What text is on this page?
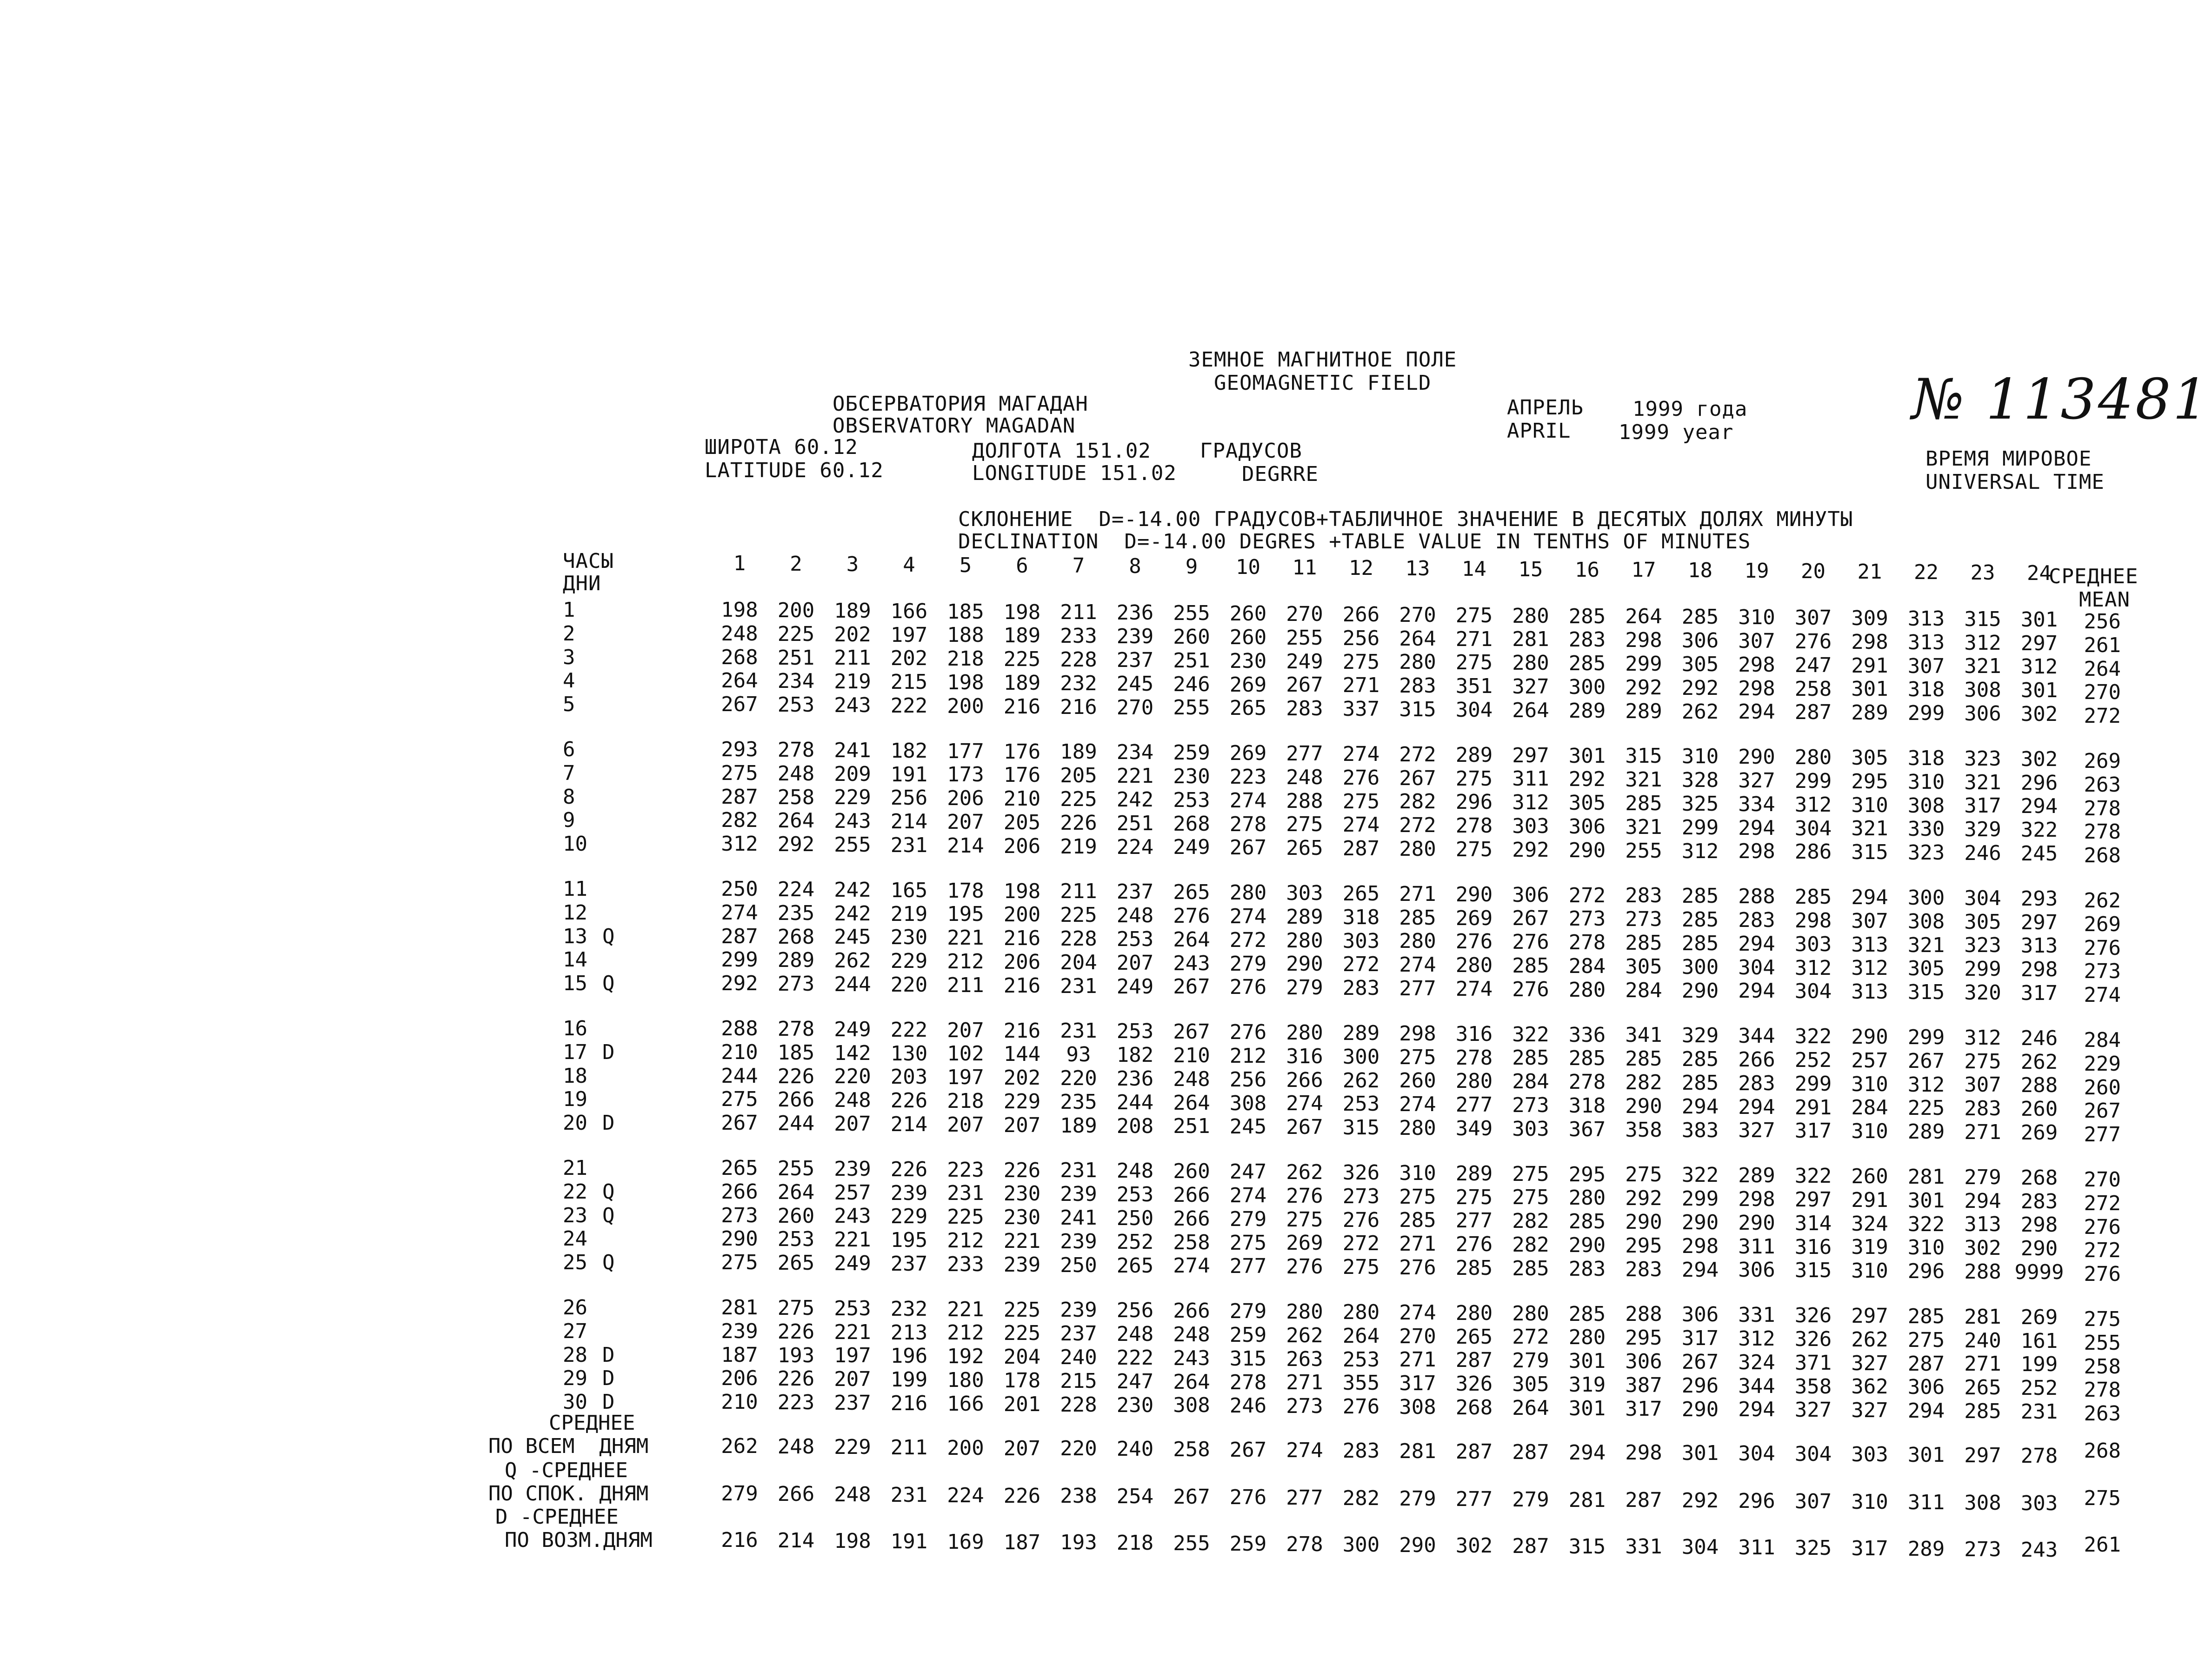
ЗЕМНОЕ МАГНИТНОЕ ПОЛЕ
GEOMAGNETIC FIELD
ОБСЕРВАТОРИЯ МАГАДАН
OBSERVATORY MAGADAN
ШИРОТА 60.12
LATITUDE 60.12
ДОЛГОТА 151.02 ГРАДУСОВ
LONGITUDE 151.02	DEGRRE
АПРЕЛЬ 1999 года
APRIL 1999 year
№ 113481
ВРЕМЯ МИРОВОЕ
UNIVERSAL TIME
СКЛОНЕНИЕ  D=-14.00 ГРАДУСОВ+ТАБЛИЧНОЕ ЗНАЧЕНИЕ В ДЕСЯТЫХ ДОЛЯХ МИНУТЫ
DECLINATION  D=-14.00 DEGRES +TABLE VALUE IN TENTHS OF MINUTES
ЧАСЫ
ДНИ	СРЕДНЕЕ
MEAN
1 2 3 4 5 6 7 8 9 10 11 12 13 14 15 16 17 18 19 20 21 22 23 24
1	198 200 189 166 185 198 211 236 255 260 270 266 270 275 280 285 264 285 310 307 309 313 315 301 256
2	248 225 202 197 188 189 233 239 260 260 255 256 264 271 281 283 298 306 307 276 298 313 312 297 261
3	268 251 211 202 218 225 228 237 251 230 249 275 280 275 280 285 299 305 298 247 291 307 321 312 264
4	264 234 219 215 198 189 232 245 246 269 267 271 283 351 327 300 292 292 298 258 301 318 308 301 270
5	267 253 243 222 200 216 216 270 255 265 283 337 315 304 264 289 289 262 294 287 289 299 306 302 272
6	293 278 241 182 177 176 189 234 259 269 277 274 272 289 297 301 315 310 290 280 305 318 323 302 269
7	275 248 209 191 173 176 205 221 230 223 248 276 267 275 311 292 321 328 327 299 295 310 321 296 263
8	287 258 229 256 206 210 225 242 253 274 288 275 282 296 312 305 285 325 334 312 310 308 317 294 278
9	282 264 243 214 207 205 226 251 268 278 275 274 272 278 303 306 321 299 294 304 321 330 329 322 278
10	312 292 255 231 214 206 219 224 249 267 265 287 280 275 292 290 255 312 298 286 315 323 246 245 268
11	250 224 242 165 178 198 211 237 265 280 303 265 271 290 306 272 283 285 288 285 294 300 304 293 262
12	274 235 242 219 195 200 225 248 276 274 289 318 285 269 267 273 273 285 283 298 307 308 305 297 269
13 Q	287 268 245 230 221 216 228 253 264 272 280 303 280 276 276 278 285 285 294 303 313 321 323 313 276
14	299 289 262 229 212 206 204 207 243 279 290 272 274 280 285 284 305 300 304 312 312 305 299 298 273
15 Q	292 273 244 220 211 216 231 249 267 276 279 283 277 274 276 280 284 290 294 304 313 315 320 317 274
16	288 278 249 222 207 216 231 253 267 276 280 289 298 316 322 336 341 329 344 322 290 299 312 246 284
17 D	210 185 142 130 102 144 93 182 210 212 316 300 275 278 285 285 285 285 266 252 257 267 275 262 229
18	244 226 220 203 197 202 220 236 248 256 266 262 260 280 284 278 282 285 283 299 310 312 307 288 260
19	275 266 248 226 218 229 235 244 264 308 274 253 274 277 273 318 290 294 294 291 284 225 283 260 267
20 D	267 244 207 214 207 207 189 208 251 245 267 315 280 349 303 367 358 383 327 317 310 289 271 269 277
21	265 255 239 226 223 226 231 248 260 247 262 326 310 289 275 295 275 322 289 322 260 281 279 268 270
22 Q	266 264 257 239 231 230 239 253 266 274 276 273 275 275 275 280 292 299 298 297 291 301 294 283 272
23 Q	273 260 243 229 225 230 241 250 266 279 275 276 285 277 282 285 290 290 290 314 324 322 313 298 276
24	290 253 221 195 212 221 239 252 258 275 269 272 271 276 282 290 295 298 311 316 319 310 302 290 272
25 Q	275 265 249 237 233 239 250 265 274 277 276 275 276 285 285 283 283 294 306 315 310 296 288 9999 276
26	281 275 253 232 221 225 239 256 266 279 280 280 274 280 280 285 288 306 331 326 297 285 281 269 275
27	239 226 221 213 212 225 237 248 248 259 262 264 270 265 272 280 295 317 312 326 262 275 240 161 255
28 D	187 193 197 196 192 204 240 222 243 315 263 253 271 287 279 301 306 267 324 371 327 287 271 199 258
29 D	206 226 207 199 180 178 215 247 264 278 271 355 317 326 305 319 387 296 344 358 362 306 265 252 278
30 D	210 223 237 216 166 201 228 230 308 246 273 276 308 268 264 301 317 290 294 327 327 294 285 231 263
СРЕДНЕЕ
ПО ВСЕМ  ДНЯМ	262 248 229 211 200 207 220 240 258 267 274 283 281 287 287 294 298 301 304 304 303 301 297 278 268
Q -СРЕДНЕЕ
ПО СПОК. ДНЯМ	279 266 248 231 224 226 238 254 267 276 277 282 279 277 279 281 287 292 296 307 310 311 308 303 275
D -СРЕДНЕЕ
ПО ВОЗМ.ДНЯМ	216 214 198 191 169 187 193 218 255 259 278 300 290 302 287 315 331 304 311 325 317 289 273 243 261
